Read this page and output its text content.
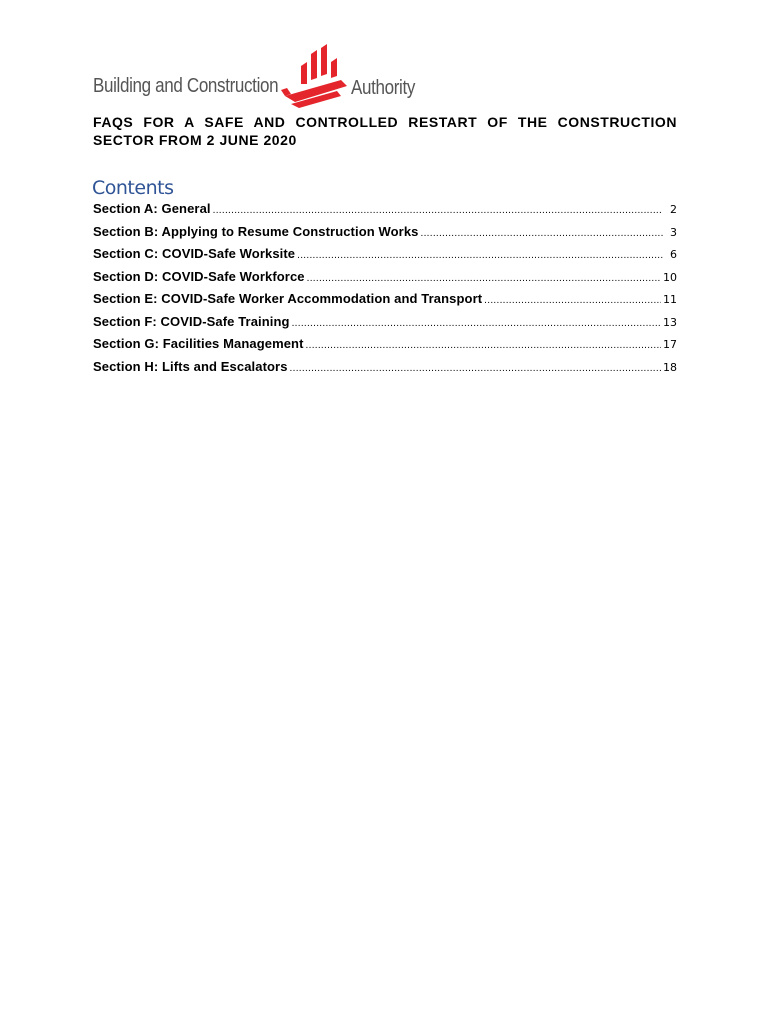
Building and Construction	Authority
FAQS FOR A SAFE AND CONTROLLED RESTART OF THE CONSTRUCTION SECTOR FROM 2 JUNE 2020
Contents
Section A: General .....	2
Section B: Applying to Resume Construction Works .....	3
Section C: COVID-Safe Worksite .....	6
Section D: COVID-Safe Workforce .....	10
Section E: COVID-Safe Worker Accommodation and Transport .....	11
Section F: COVID-Safe Training .....	13
Section G: Facilities Management .....	17
Section H: Lifts and Escalators .....	18
